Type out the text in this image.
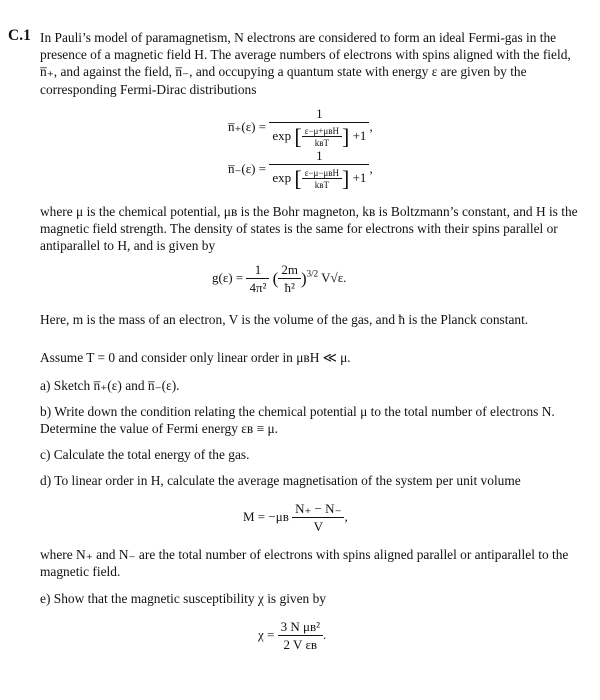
C.1 In Pauli’s model of paramagnetism, N electrons are considered to form an ideal Fermi-gas in the presence of a magnetic field H. The average numbers of electrons with spins aligned with the field, n̅₊, and against the field, n̅₋, and occupying a quantum state with energy ε are given by the corresponding Fermi-Dirac distributions
n̅₊(ε) = $\frac{1}{\exp [ \frac{\text{ε−μ+μʙH}}{\text{kʙT}} ] +1}$ ,
n̅₋(ε) = $\frac{1}{\exp [ \frac{\text{ε−μ−μʙH}}{\text{kʙT}} ] +1}$ ,
where μ is the chemical potential, μʙ is the Bohr magneton, kʙ is Boltzmann’s constant, and H is the magnetic field strength. The density of states is the same for electrons with their spins parallel or antiparallel to H, and is given by
$g(\varepsilon) = \frac{1}{\text{4π²}}$ ( $\frac{2m}{\text{ħ²}} )^{3/2}$ V√ε.
Here, m is the mass of an electron, V is the volume of the gas, and ħ is the Planck constant.
Assume T = 0 and consider only linear order in μʙH ≪ μ.
a) Sketch n̅₊(ε) and n̅₋(ε).
b) Write down the condition relating the chemical potential μ to the total number of electrons N. Determine the value of Fermi energy εʙ ≡ μ.
c) Calculate the total energy of the gas.
d) To linear order in H, calculate the average magnetisation of the system per unit volume
M = −μʙ $\frac{N_+ - N_-}{V}$ ,
where N₊ and N₋ are the total number of electrons with spins aligned parallel or antiparallel to the magnetic field.
e) Show that the magnetic susceptibility χ is given by
$\chi = \frac{\text{3 N μʙ²}}{\text{2 V εʙ}}$ .
